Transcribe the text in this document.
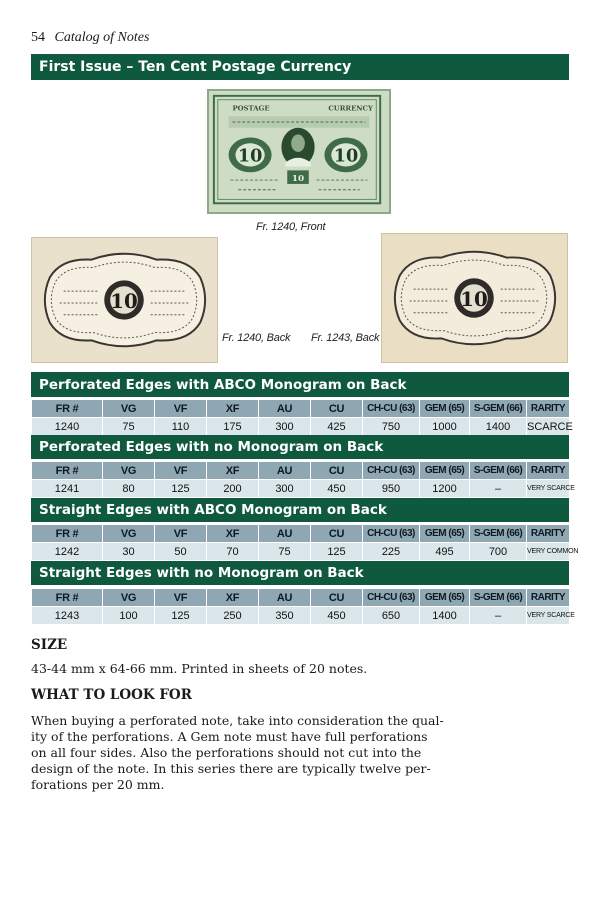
54 Catalog of Notes
First Issue – Ten Cent Postage Currency
POSTAGE	CURRENCY
10	10
10
Fr. 1240, Front
10
Fr. 1240, Back Fr. 1243, Back
10
Perforated Edges with ABCO Monogram on Back
FR #	VG	VF	XF	AU	CU	CH-CU (63)	GEM (65)	S-GEM (66)	RARITY
1240	75	110	175	300	425	750	1000	1400	SCARCE
Perforated Edges with no Monogram on Back
FR #	VG	VF	XF	AU	CU	CH-CU (63)	GEM (65)	S-GEM (66)	RARITY
1241	80	125	200	300	450	950	1200	–	VERY SCARCE
Straight Edges with ABCO Monogram on Back
FR #	VG	VF	XF	AU	CU	CH-CU (63)	GEM (65)	S-GEM (66)	RARITY
1242	30	50	70	75	125	225	495	700	VERY COMMON
Straight Edges with no Monogram on Back
FR #	VG	VF	XF	AU	CU	CH-CU (63)	GEM (65)	S-GEM (66)	RARITY
1243	100	125	250	350	450	650	1400	–	VERY SCARCE
SIZE
43-44 mm x 64-66 mm. Printed in sheets of 20 notes.
WHAT TO LOOK FOR
When buying a perforated note, take into consideration the qual-
ity of the perforations. A Gem note must have full perforations
on all four sides. Also the perforations should not cut into the
design of the note. In this series there are typically twelve per-
forations per 20 mm.
